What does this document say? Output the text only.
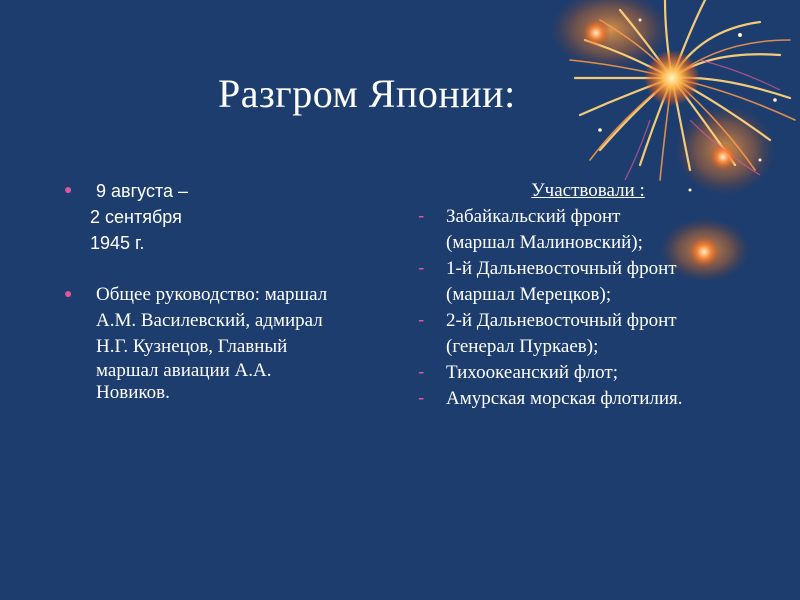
Разгром Японии:
● 9 августа –
2 сентября
1945 г.
● Общее руководство: маршал
А.М. Василевский, адмирал
Н.Г. Кузнецов, Главный
маршал авиации А.А.
Новиков.
Участвовали :
- Забайкальский фронт
(маршал Малиновский);
- 1-й Дальневосточный фронт
(маршал Мерецков);
- 2-й Дальневосточный фронт
(генерал Пуркаев);
- Тихоокеанский флот;
- Амурская морская флотилия.
